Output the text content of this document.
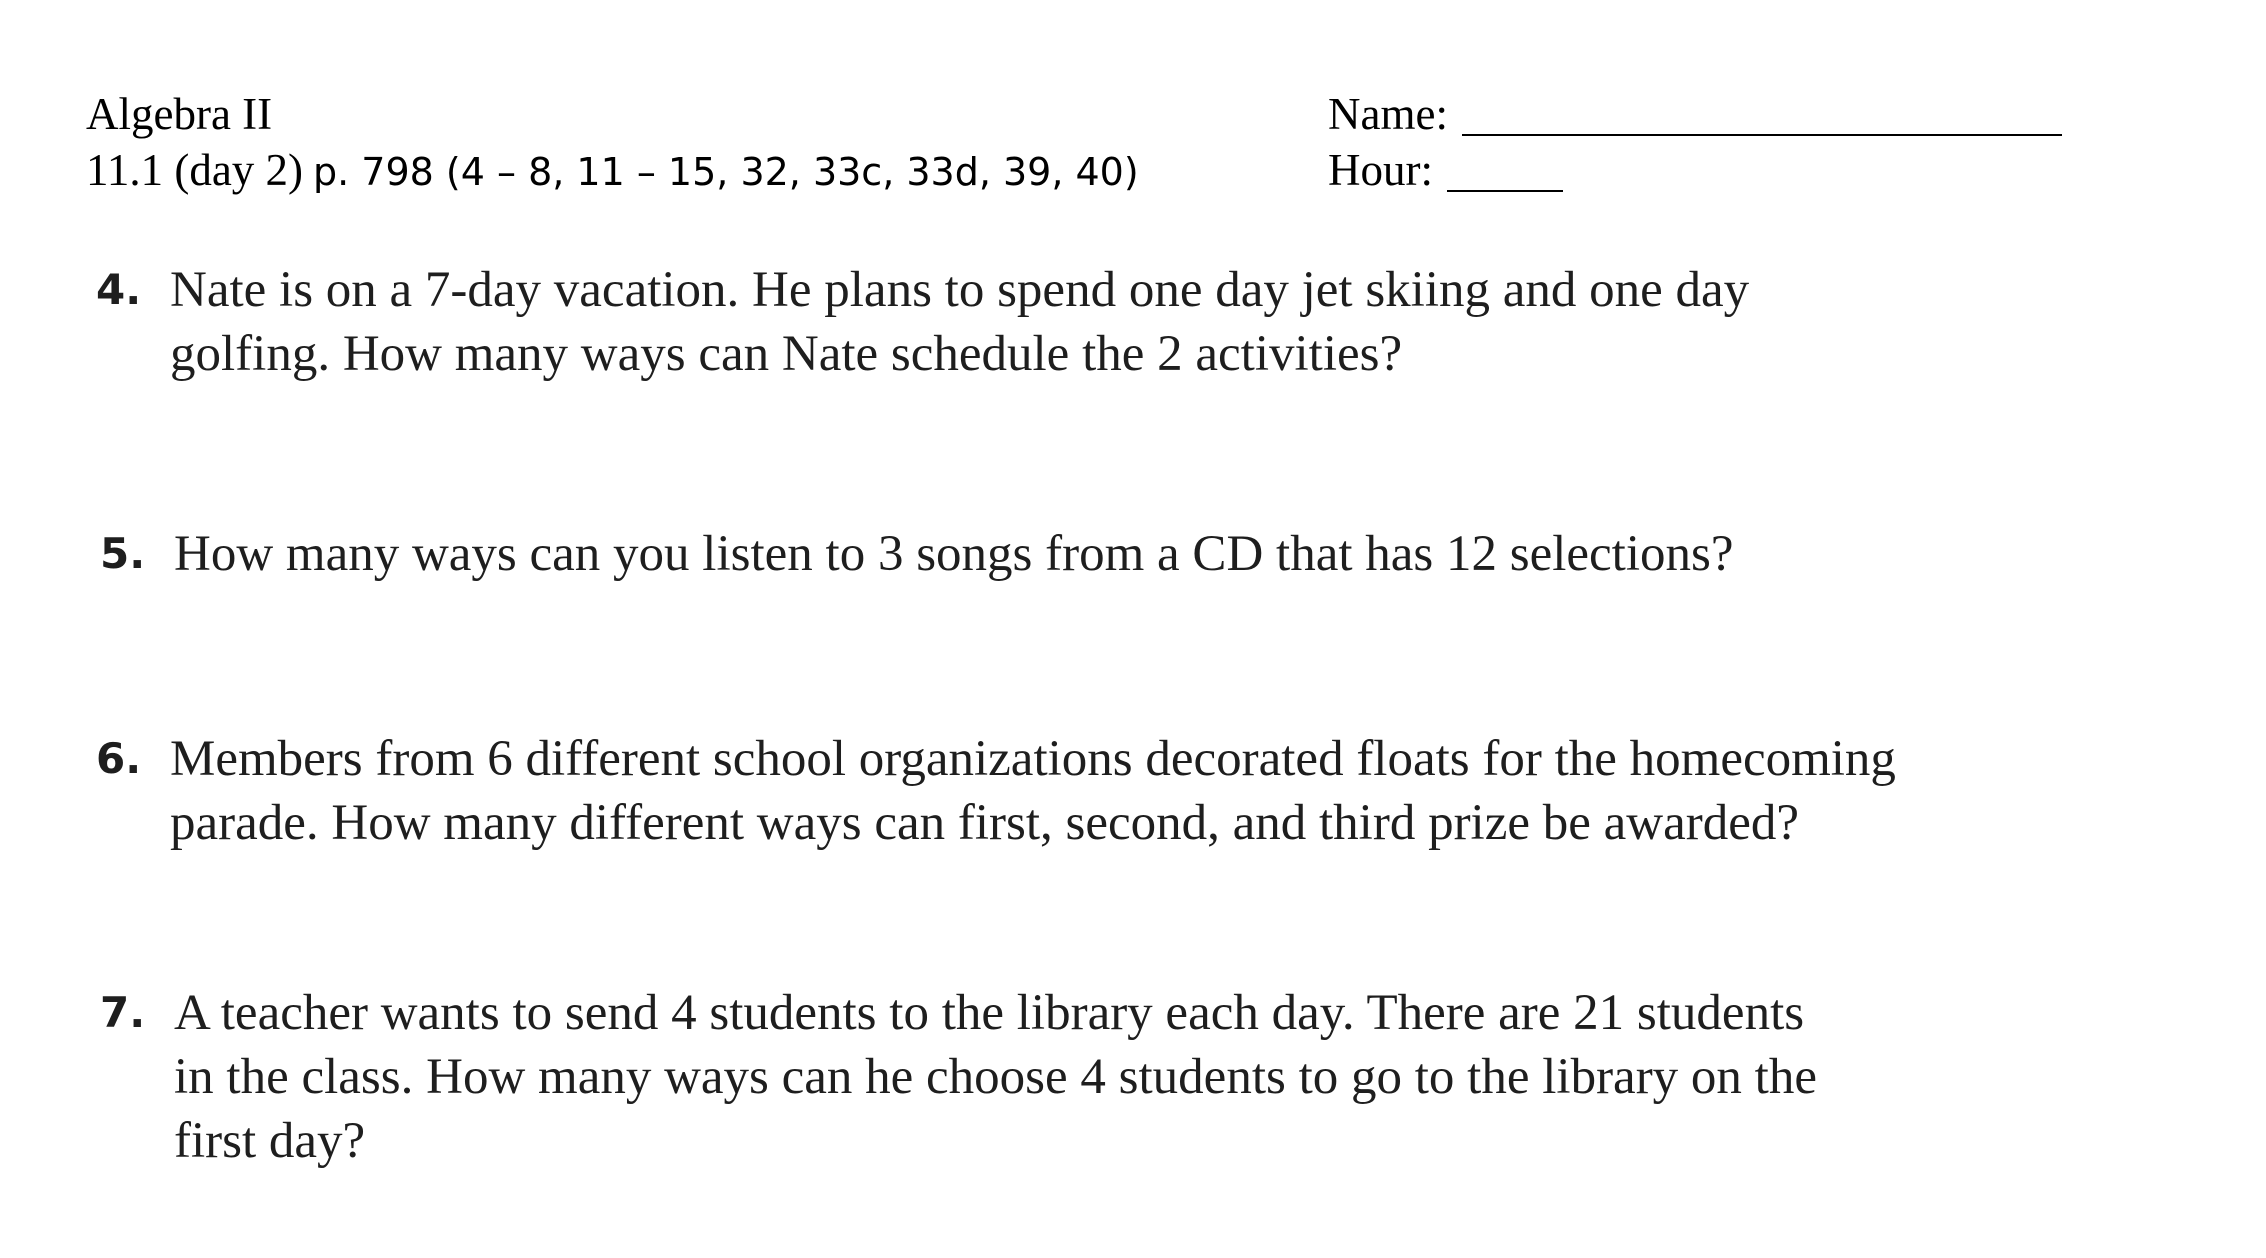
Algebra II
11.1 (day 2) p. 798 (4 – 8, 11 – 15, 32, 33c, 33d, 39, 40)
Name:
Hour:
4. Nate is on a 7-day vacation. He plans to spend one day jet skiing and one day
golfing. How many ways can Nate schedule the 2 activities?
5. How many ways can you listen to 3 songs from a CD that has 12 selections?
6. Members from 6 different school organizations decorated floats for the homecoming
parade. How many different ways can first, second, and third prize be awarded?
7. A teacher wants to send 4 students to the library each day. There are 21 students
in the class. How many ways can he choose 4 students to go to the library on the
first day?
